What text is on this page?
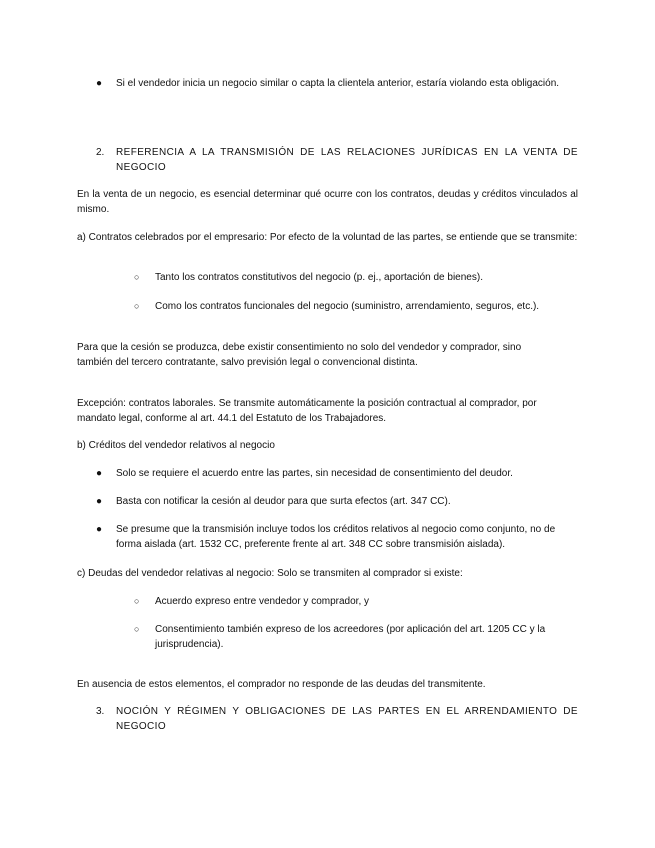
● Si el vendedor inicia un negocio similar o capta la clientela anterior, estaría violando esta obligación.

2. REFERENCIA A LA TRANSMISIÓN DE LAS RELACIONES JURÍDICAS EN LA VENTA DE NEGOCIO

En la venta de un negocio, es esencial determinar qué ocurre con los contratos, deudas y créditos vinculados al mismo.

a) Contratos celebrados por el empresario: Por efecto de la voluntad de las partes, se entiende que se transmite:

○ Tanto los contratos constitutivos del negocio (p. ej., aportación de bienes).

○ Como los contratos funcionales del negocio (suministro, arrendamiento, seguros, etc.).

Para que la cesión se produzca, debe existir consentimiento no solo del vendedor y comprador, sino también del tercero contratante, salvo previsión legal o convencional distinta.

Excepción: contratos laborales. Se transmite automáticamente la posición contractual al comprador, por mandato legal, conforme al art. 44.1 del Estatuto de los Trabajadores.

b) Créditos del vendedor relativos al negocio

● Solo se requiere el acuerdo entre las partes, sin necesidad de consentimiento del deudor.

● Basta con notificar la cesión al deudor para que surta efectos (art. 347 CC).

● Se presume que la transmisión incluye todos los créditos relativos al negocio como conjunto, no de forma aislada (art. 1532 CC, preferente frente al art. 348 CC sobre transmisión aislada).

c) Deudas del vendedor relativas al negocio: Solo se transmiten al comprador si existe:

○ Acuerdo expreso entre vendedor y comprador, y

○ Consentimiento también expreso de los acreedores (por aplicación del art. 1205 CC y la jurisprudencia).

En ausencia de estos elementos, el comprador no responde de las deudas del transmitente.

3. NOCIÓN Y RÉGIMEN Y OBLIGACIONES DE LAS PARTES EN EL ARRENDAMIENTO DE NEGOCIO
